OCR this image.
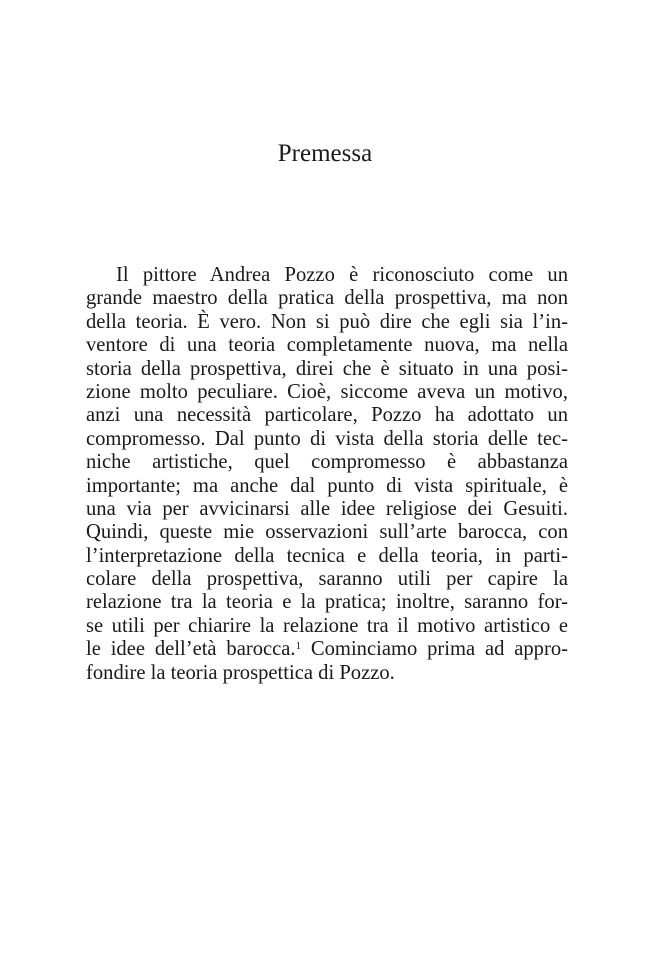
Premessa
Il pittore Andrea Pozzo è riconosciuto come un
grande maestro della pratica della prospettiva, ma non
della teoria. È vero. Non si può dire che egli sia l’in-
ventore di una teoria completamente nuova, ma nella
storia della prospettiva, direi che è situato in una posi-
zione molto peculiare. Cioè, siccome aveva un motivo,
anzi una necessità particolare, Pozzo ha adottato un
compromesso. Dal punto di vista della storia delle tec-
niche artistiche, quel compromesso è abbastanza
importante; ma anche dal punto di vista spirituale, è
una via per avvicinarsi alle idee religiose dei Gesuiti.
Quindi, queste mie osservazioni sull’arte barocca, con
l’interpretazione della tecnica e della teoria, in parti-
colare della prospettiva, saranno utili per capire la
relazione tra la teoria e la pratica; inoltre, saranno for-
se utili per chiarire la relazione tra il motivo artistico e
le idee dell’età barocca.$^1$ Cominciamo prima ad appro-
fondire la teoria prospettica di Pozzo.
